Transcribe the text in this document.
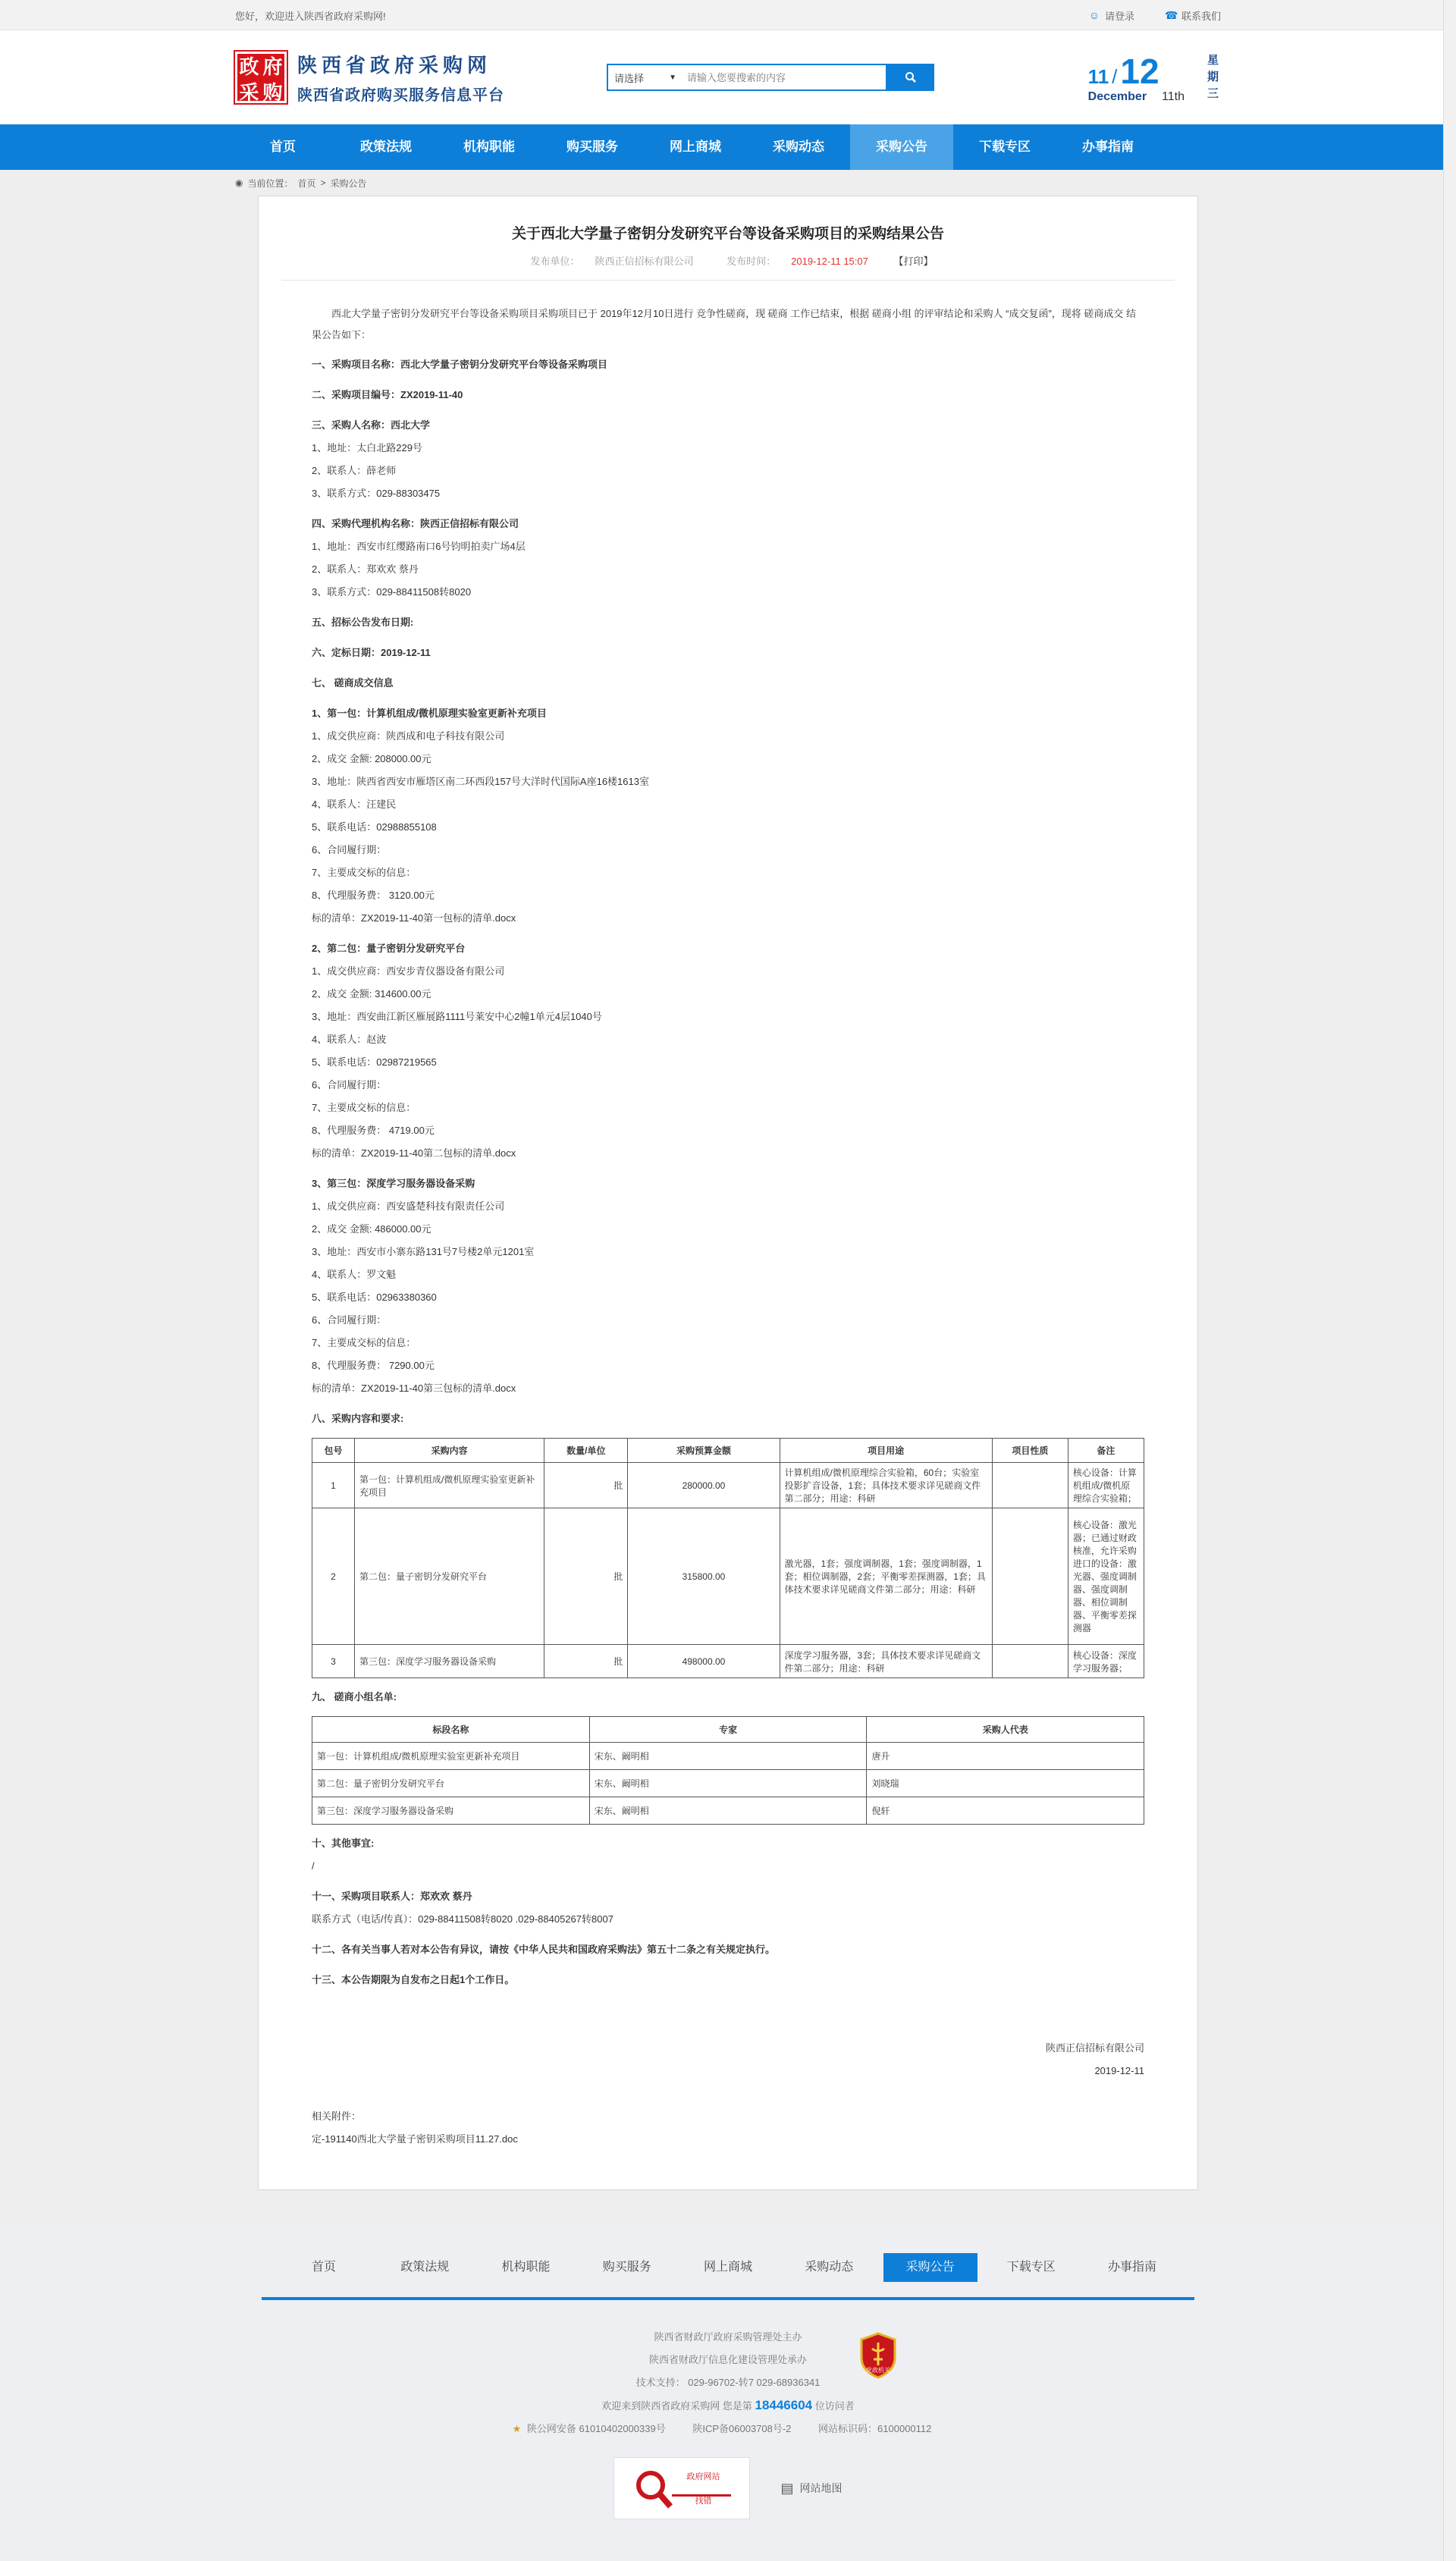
您好，欢迎进入陕西省政府采购网!	☺ 请登录	☎ 联系我们
政 府
采 购
陕西省政府采购网
陕西省政府购买服务信息平台
请选择	▼
请输入您要搜索的内容	11 / 12
December 11th
星
期
三
首页	政策法规	机构职能	购买服务	网上商城	采购动态	采购公告	下载专区	办事指南
◉ 当前位置： 首页 > 采购公告
关于西北大学量子密钥分发研究平台等设备采购项目的采购结果公告
发布单位： 陕西正信招标有限公司	发布时间： 2019-12-11 15:07	【打印】

西北大学量子密钥分发研究平台等设备采购项目采购项目已于 2019年12月10日进行 竞争性磋商，现 磋商 工作已结束，根据 磋商小组 的评审结论和采购人 “成交复函”，现将 磋商成交 结果公告如下：

一、采购项目名称：西北大学量子密钥分发研究平台等设备采购项目

二、采购项目编号：ZX2019-11-40

三、采购人名称：西北大学

1、地址：太白北路229号

2、联系人：薛老师

3、联系方式：029-88303475

四、采购代理机构名称：陕西正信招标有限公司

1、地址：西安市红缨路南口6号钧明拍卖广场4层

2、联系人：郑欢欢 蔡丹

3、联系方式：029-88411508转8020

五、招标公告发布日期:

六、定标日期：2019-12-11

七、 磋商成交信息

1、第一包：计算机组成/微机原理实验室更新补充项目

1、成交供应商：陕西成和电子科技有限公司

2、成交 金额: 208000.00元

3、地址：陕西省西安市雁塔区南二环西段157号大洋时代国际A座16楼1613室

4、联系人：汪建民

5、联系电话：02988855108

6、合同履行期：

7、主要成交标的信息：

8、代理服务费： 3120.00元

标的清单：ZX2019-11-40第一包标的清单.docx

2、第二包：量子密钥分发研究平台

1、成交供应商：西安步青仪器设备有限公司

2、成交 金额: 314600.00元

3、地址：西安曲江新区雁展路1111号莱安中心2幢1单元4层1040号

4、联系人：赵波

5、联系电话：02987219565

6、合同履行期：

7、主要成交标的信息：

8、代理服务费： 4719.00元

标的清单：ZX2019-11-40第二包标的清单.docx

3、第三包：深度学习服务器设备采购

1、成交供应商：西安盛楚科技有限责任公司

2、成交 金额: 486000.00元

3、地址：西安市小寨东路131号7号楼2单元1201室

4、联系人：罗文魁

5、联系电话：02963380360

6、合同履行期：

7、主要成交标的信息：

8、代理服务费： 7290.00元

标的清单：ZX2019-11-40第三包标的清单.docx

八、采购内容和要求:

包号	采购内容	数量/单位	采购预算金额	项目用途	项目性质	备注
1	第一包：计算机组成/微机原理实验室更新补充项目	批	280000.00	计算机组成/微机原理综合实验箱，60台；实验室投影扩音设备，1套；具体技术要求详见磋商文件第二部分；用途：科研		核心设备：计算机组成/微机原理综合实验箱；
2	第二包：量子密钥分发研究平台	批	315800.00	激光器，1套；强度调制器，1套；强度调制器，1套；相位调制器，2套；平衡零差探测器，1套；具体技术要求详见磋商文件第二部分；用途：科研		核心设备：激光器；已通过财政核准，允许采购进口的设备：激光器、强度调制器、强度调制器、相位调制器、平衡零差探测器
3	第三包：深度学习服务器设备采购	批	498000.00	深度学习服务器，3套；具体技术要求详见磋商文件第二部分；用途：科研		核心设备：深度学习服务器；

九、 磋商小组名单:

标段名称	专家	采购人代表
第一包：计算机组成/微机原理实验室更新补充项目	宋东、阚明相	唐升
第二包：量子密钥分发研究平台	宋东、阚明相	刘晓瑞
第三包：深度学习服务器设备采购	宋东、阚明相	倪轩

十、其他事宜:

/

十一、采购项目联系人：郑欢欢 蔡丹

联系方式（电话/传真）：029-88411508转8020 .029-88405267转8007

十二、各有关当事人若对本公告有异议，请按《中华人民共和国政府采购法》第五十二条之有关规定执行。

十三、本公告期限为自发布之日起1个工作日。

陕西正信招标有限公司

2019-12-11

相关附件：

定-191140西北大学量子密钥采购项目11.27.doc

首页	政策法规	机构职能	购买服务	网上商城	采购动态	采购公告	下载专区	办事指南

陕西省财政厅政府采购管理处主办

陕西省财政厅信息化建设管理处承办

技术支持： 029-96702-转7 029-68936341

欢迎来到陕西省政府采购网 您是第 18446604 位访问者

★ 陕公网安备 61010402000339号	陕ICP备06003708号-2	网站标识码：6100000112

政府网站
找错
▤ 网站地图
党政机关
